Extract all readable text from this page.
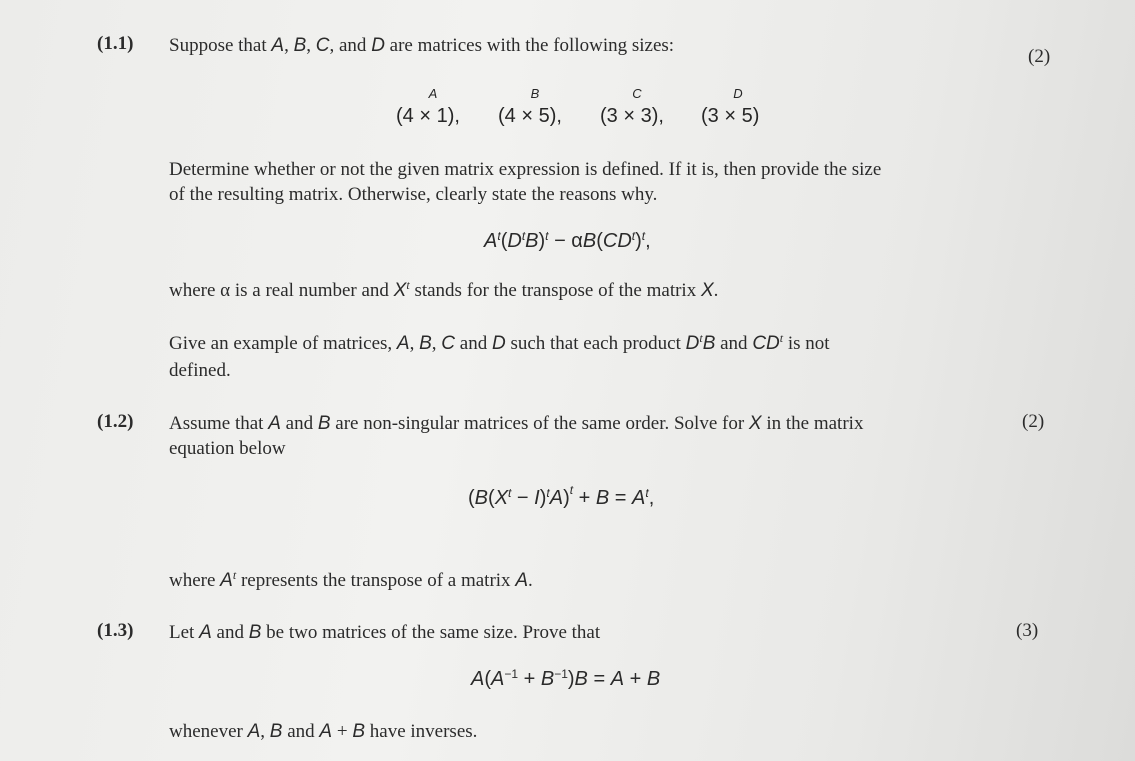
(1.1) Suppose that A, B, C, and D are matrices with the following sizes:
(2)
A
(4 × 1),
B
(4 × 5),
C
(3 × 3),
D
(3 × 5)
Determine whether or not the given matrix expression is defined. If it is, then provide the size
of the resulting matrix. Otherwise, clearly state the reasons why.
$A^t(D^tB)^t - \alpha B(CD^t)^t$,
where α is a real number and $X^t$ stands for the transpose of the matrix X.
Give an example of matrices, A, B, C and D such that each product $D^tB$ and $CD^t$ is not
defined.
(1.2) Assume that A and B are non-singular matrices of the same order. Solve for X in the matrix
equation below
(2)
$(B(X^t - I)^tA)^t + B = A^t$,
where $A^t$ represents the transpose of a matrix A.
(1.3) Let A and B be two matrices of the same size. Prove that	(3)
$A(A^{-1} + B^{-1})B = A + B$
whenever A, B and A + B have inverses.
